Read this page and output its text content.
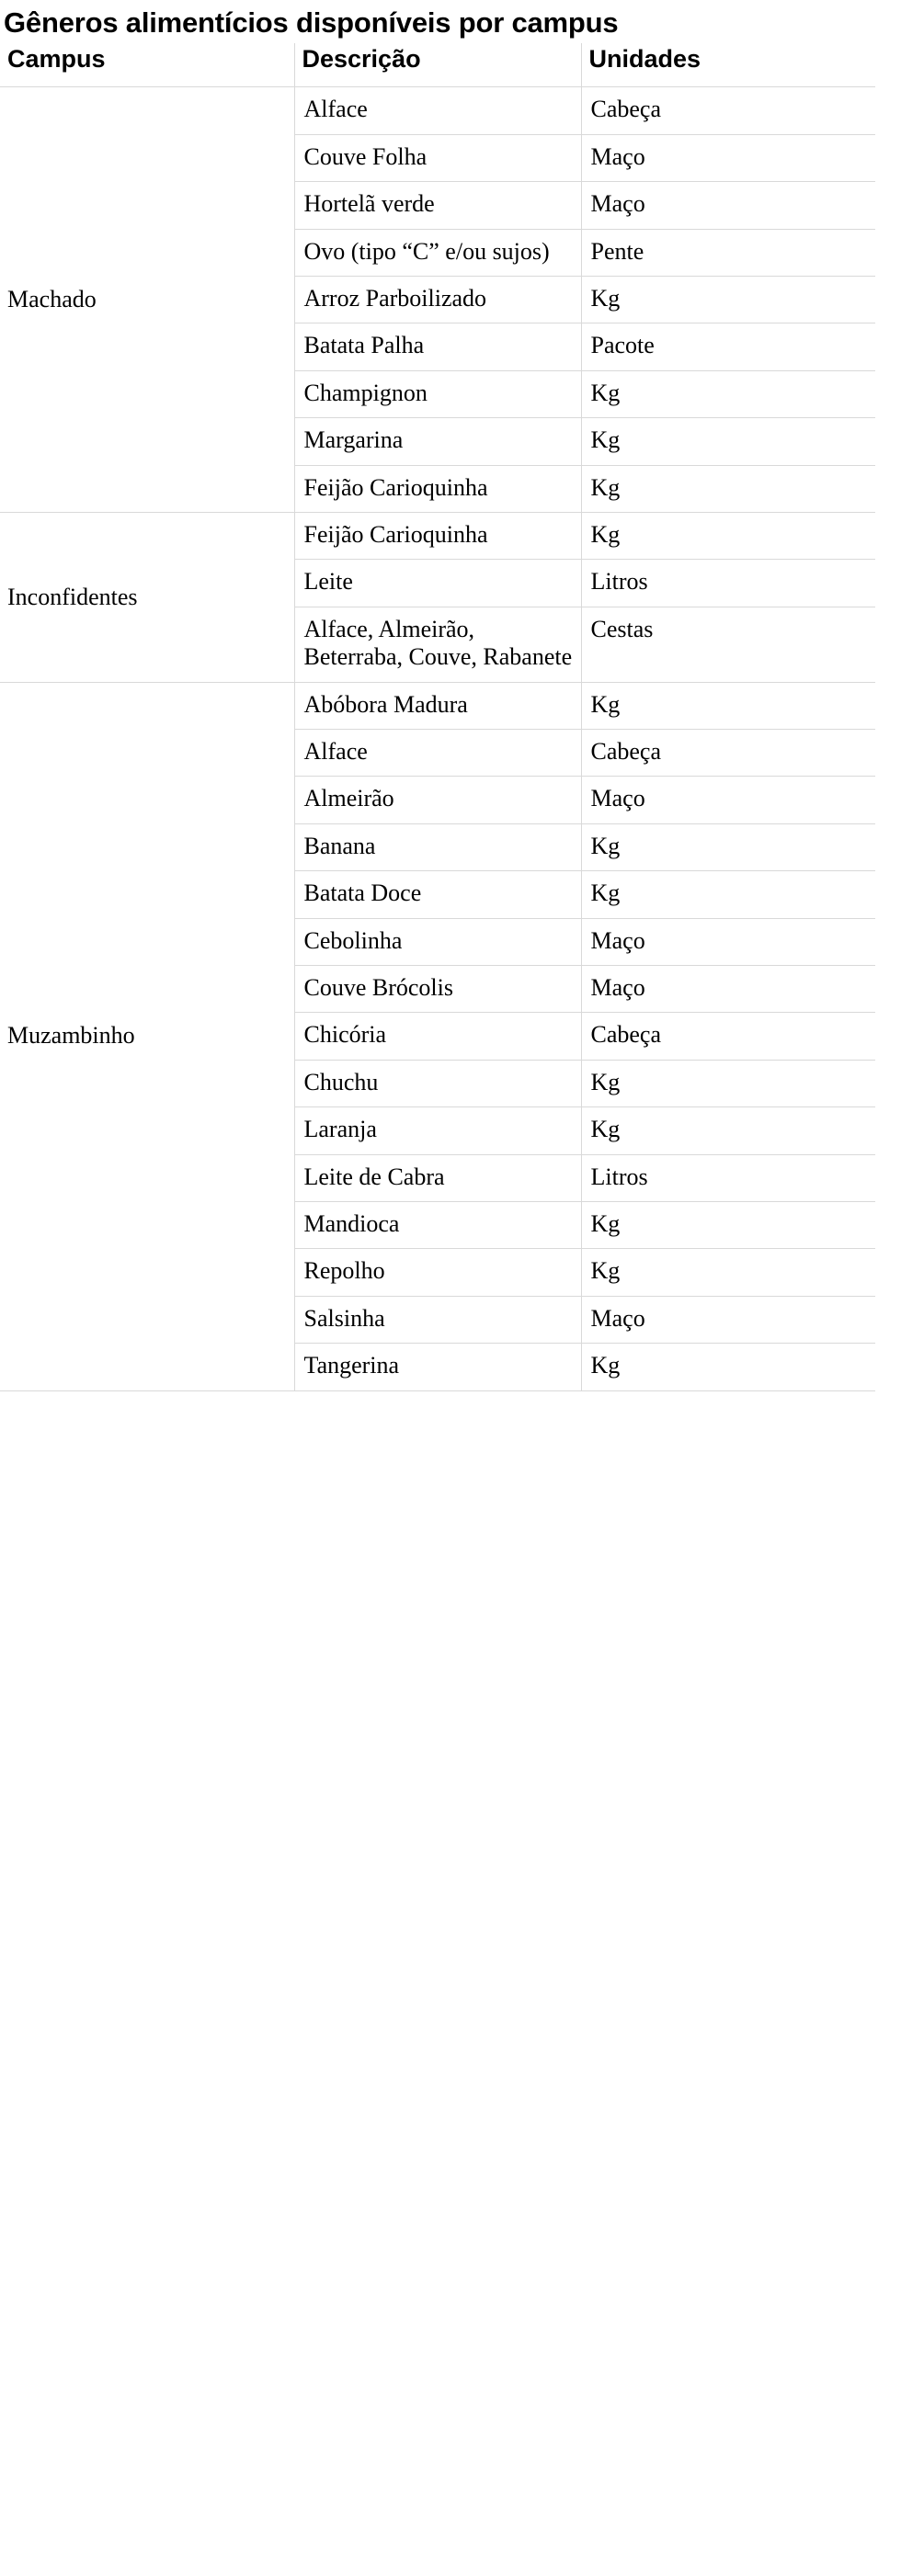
Gêneros alimentícios disponíveis por campus
Campus	Descrição	Unidades

Machado	Alface	Cabeça
	Couve Folha	Maço
	Hortelã verde	Maço
	Ovo (tipo “C” e/ou sujos)	Pente
	Arroz Parboilizado	Kg
	Batata Palha	Pacote
	Champignon	Kg
	Margarina	Kg
	Feijão Carioquinha	Kg

Inconfidentes	Feijão Carioquinha	Kg
	Leite	Litros
	Alface, Almeirão, Beterraba, Couve, Rabanete	Cestas

Muzambinho	Abóbora Madura	Kg
	Alface	Cabeça
	Almeirão	Maço
	Banana	Kg
	Batata Doce	Kg
	Cebolinha	Maço
	Couve Brócolis	Maço
	Chicória	Cabeça
	Chuchu	Kg
	Laranja	Kg
	Leite de Cabra	Litros
	Mandioca	Kg
	Repolho	Kg
	Salsinha	Maço
	Tangerina	Kg
